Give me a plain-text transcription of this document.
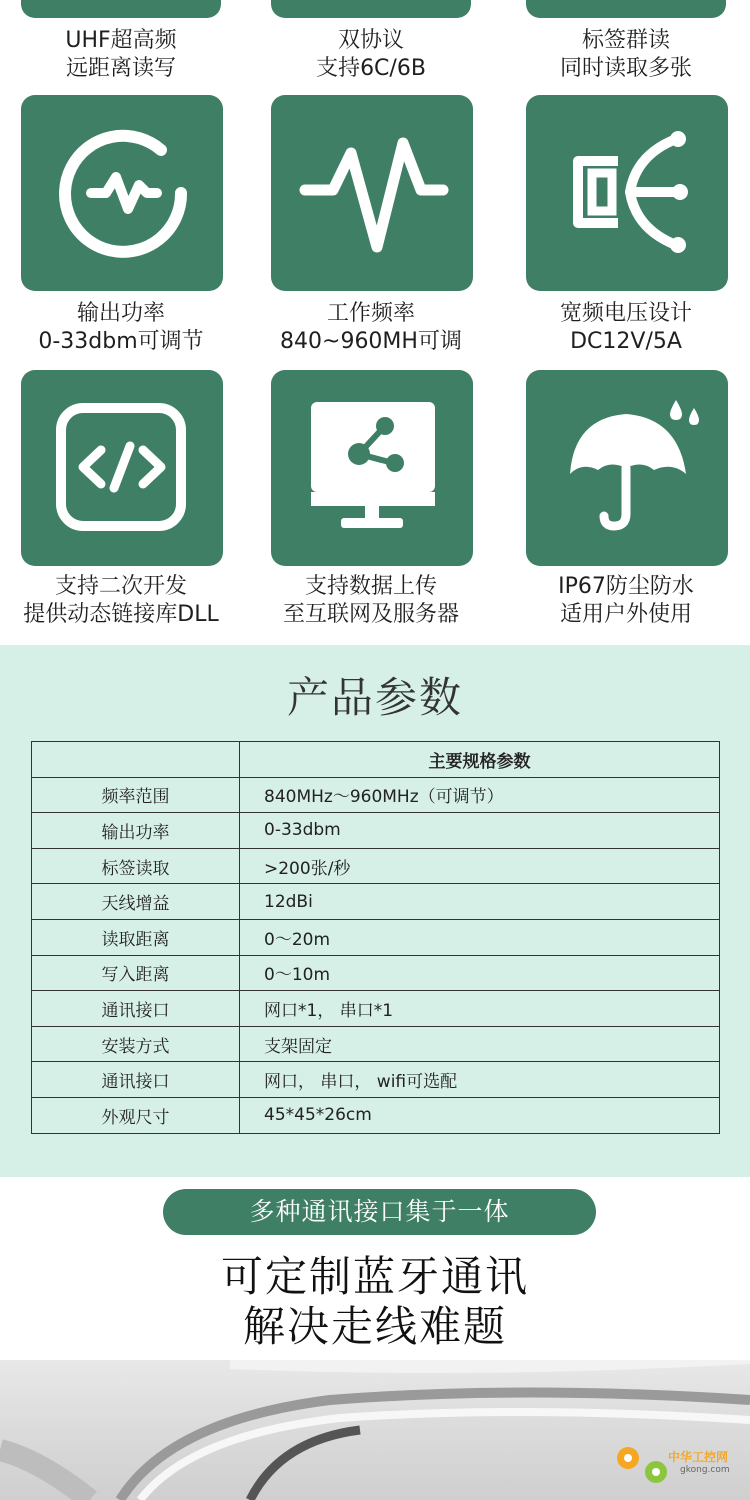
UHF超高频
远距离读写
双协议
支持6C/6B
标签群读
同时读取多张
输出功率
0-33dbm可调节
工作频率
840~960MH可调
宽频电压设计
DC12V/5A
支持二次开发
提供动态链接库DLL
支持数据上传
至互联网及服务器
IP67防尘防水
适用户外使用
产品参数
	主要规格参数
频率范围	840MHz～960MHz（可调节）
输出功率	0-33dbm
标签读取	>200张/秒
天线增益	12dBi
读取距离	0～20m
写入距离	0～10m
通讯接口	网口*1， 串口*1
安装方式	支架固定
通讯接口	网口， 串口， wifi可选配
外观尺寸	45*45*26cm
多种通讯接口集于一体
可定制蓝牙通讯
解决走线难题
中华工控网
gkong.com
